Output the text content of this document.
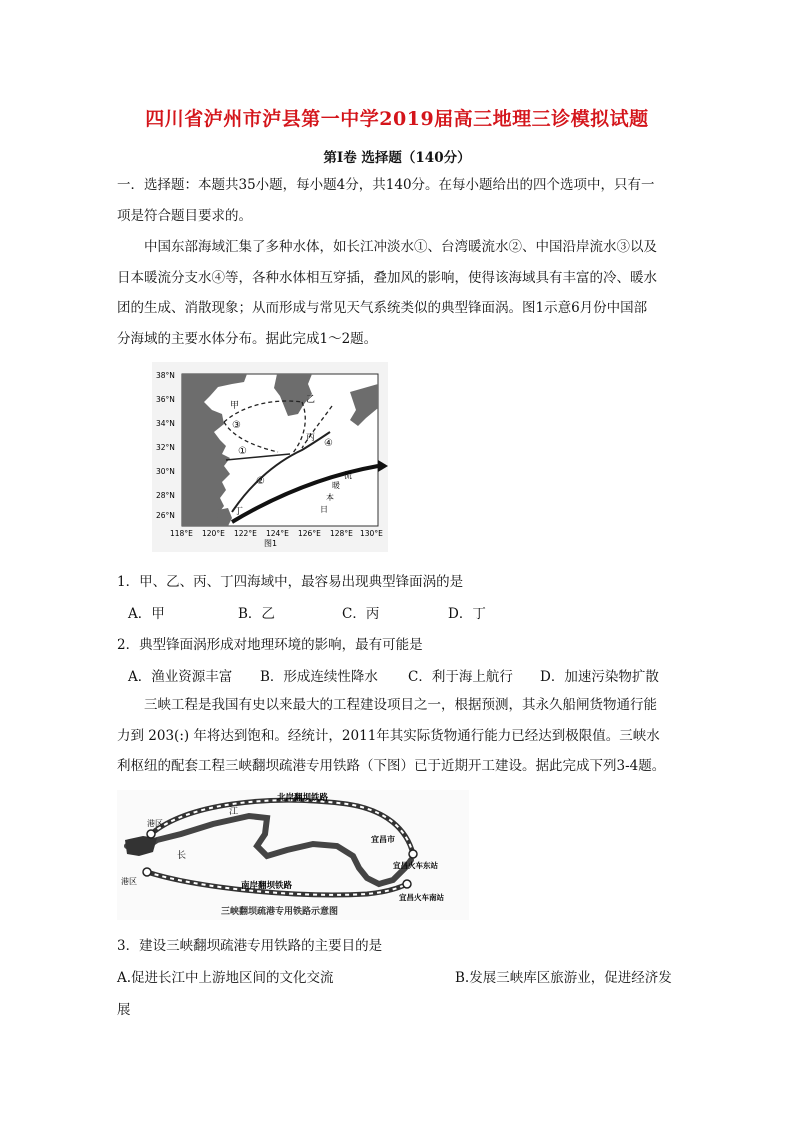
四川省泸州市泸县第一中学2019届高三地理三诊模拟试题
第Ⅰ卷 选择题（140分）

一．选择题：本题共35小题，每小题4分，共140分。在每小题给出的四个选项中，只有一

项是符合题目要求的。

中国东部海域汇集了多种水体，如长江冲淡水①、台湾暖流水②、中国沿岸流水③以及

日本暖流分支水④等，各种水体相互穿插，叠加风的影响，使得该海域具有丰富的冷、暖水

团的生成、消散现象；从而形成与常见天气系统类似的典型锋面涡。图1示意6月份中国部

分海域的主要水体分布。据此完成1～2题。

38°N
36°N
34°N
32°N
30°N
28°N
26°N
118°E 120°E 122°E 124°E 126°E 128°E 130°E
甲
乙
丙
丁
①
②
③
④
日
本
暖
流
图1
1．甲、乙、丙、丁四海域中，最容易出现典型锋面涡的是
A．甲	B．乙	C．丙	D．丁
2．典型锋面涡形成对地理环境的影响，最有可能是
A．渔业资源丰富 B．形成连续性降水 C．利于海上航行 D．加速污染物扩散

三峡工程是我国有史以来最大的工程建设项目之一，根据预测，其永久船闸货物通行能

力到 203(:) 年将达到饱和。经统计，2011年其实际货物通行能力已经达到极限值。三峡水

利枢纽的配套工程三峡翻坝疏港专用铁路（下图）已于近期开工建设。据此完成下列3-4题。

北岸翻坝铁路
南岸翻坝铁路
江
长
港区
港区
宜昌市
宜昌火车东站
宜昌火车南站
三峡翻坝疏港专用铁路示意图
3．建设三峡翻坝疏港专用铁路的主要目的是
A.促进长江中上游地区间的文化交流	B.发展三峡库区旅游业，促进经济发
展
